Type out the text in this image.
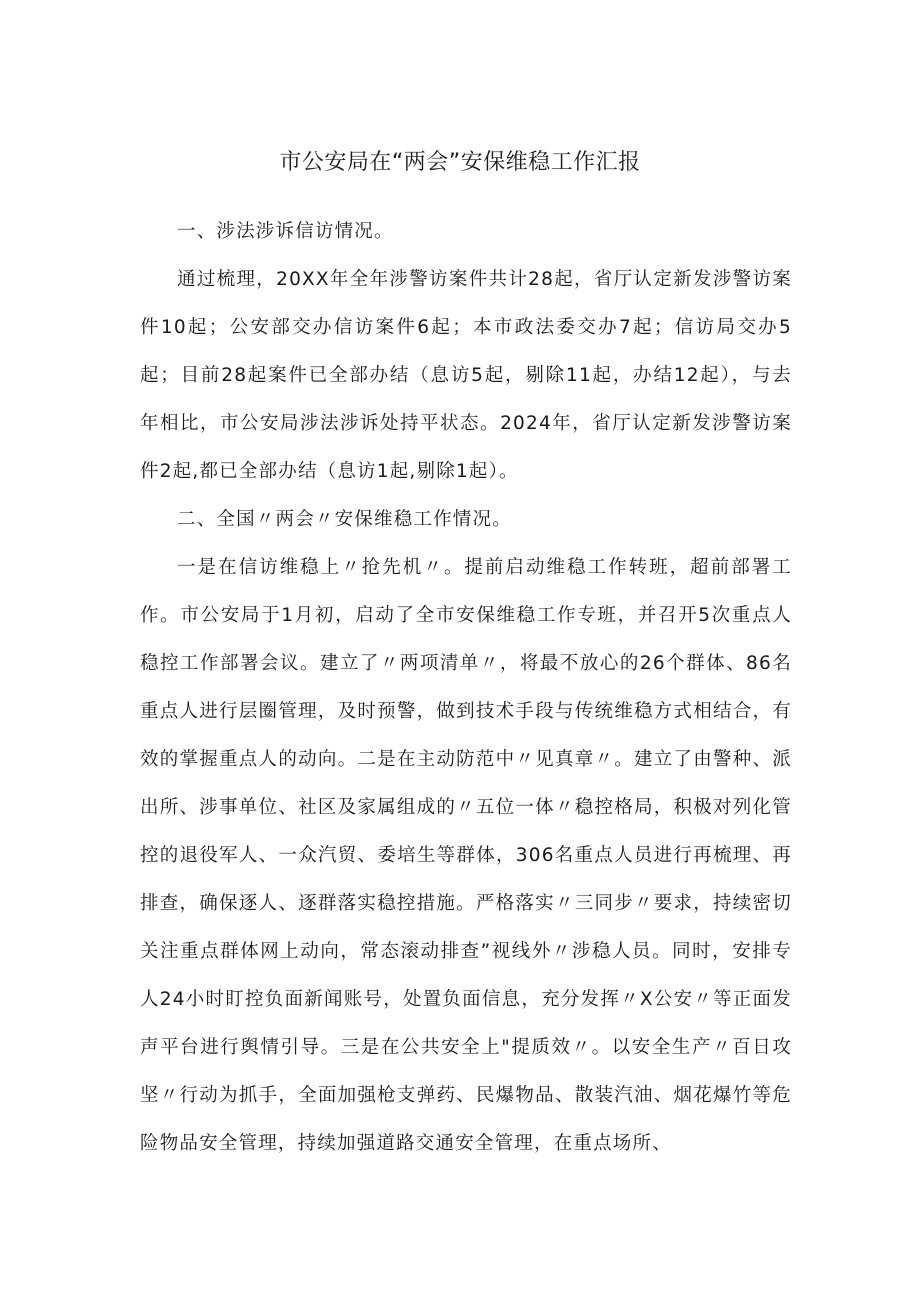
市公安局在“两会”安保维稳工作汇报

一、涉法涉诉信访情况。

通过梳理，20XX年全年涉警访案件共计28起，省厅认定新发涉警访案件10起；公安部交办信访案件6起；本市政法委交办7起；信访局交办5起；目前28起案件已全部办结（息访5起，剔除11起，办结12起），与去年相比，市公安局涉法涉诉处持平状态。2024年，省厅认定新发涉警访案件2起,都已全部办结（息访1起,剔除1起）。

二、全国〃两会〃安保维稳工作情况。

一是在信访维稳上〃抢先机〃。提前启动维稳工作转班，超前部署工作。市公安局于1月初，启动了全市安保维稳工作专班，并召开5次重点人稳控工作部署会议。建立了〃两项清单〃，将最不放心的26个群体、86名重点人进行层圈管理，及时预警，做到技术手段与传统维稳方式相结合，有效的掌握重点人的动向。二是在主动防范中〃见真章〃。建立了由警种、派出所、涉事单位、社区及家属组成的〃五位一体〃稳控格局，积极对列化管控的退役军人、一众汽贸、委培生等群体，306名重点人员进行再梳理、再排查，确保逐人、逐群落实稳控措施。严格落实〃三同步〃要求，持续密切关注重点群体网上动向，常态滚动排查”视线外〃涉稳人员。同时，安排专人24小时盯控负面新闻账号，处置负面信息，充分发挥〃X公安〃等正面发声平台进行舆情引导。三是在公共安全上"提质效〃。以安全生产〃百日攻坚〃行动为抓手，全面加强枪支弹药、民爆物品、散装汽油、烟花爆竹等危险物品安全管理，持续加强道路交通安全管理，在重点场所、
